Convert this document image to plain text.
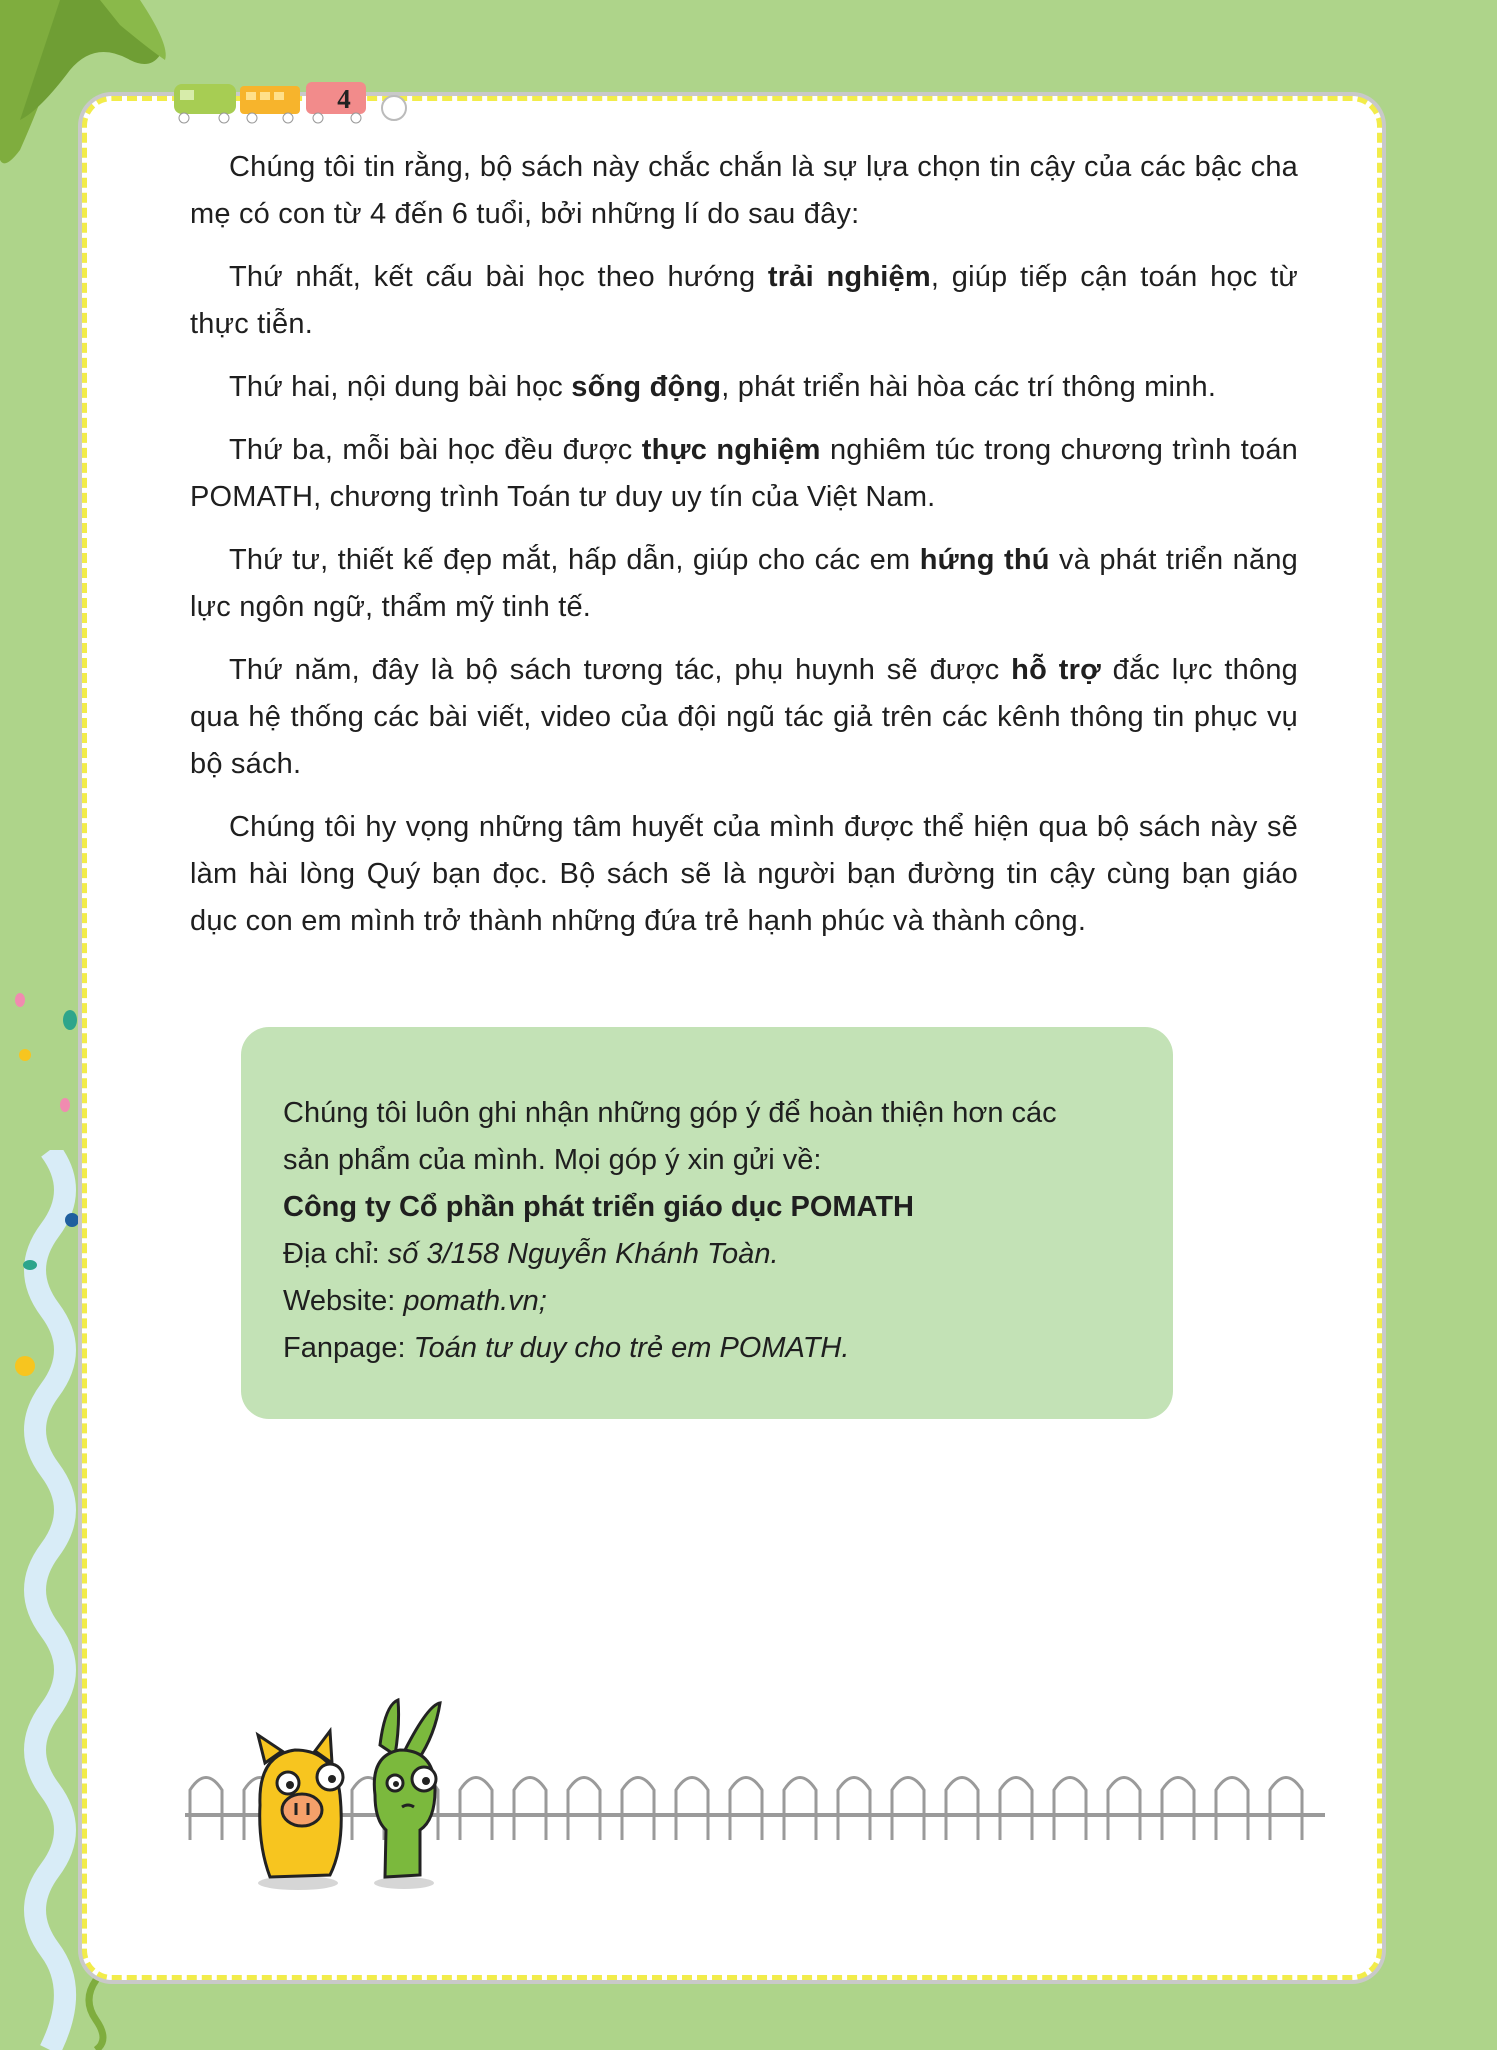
4

Chúng tôi tin rằng, bộ sách này chắc chắn là sự lựa chọn tin cậy của các bậc cha mẹ có con từ 4 đến 6 tuổi, bởi những lí do sau đây:

Thứ nhất, kết cấu bài học theo hướng trải nghiệm, giúp tiếp cận toán học từ thực tiễn.

Thứ hai, nội dung bài học sống động, phát triển hài hòa các trí thông minh.

Thứ ba, mỗi bài học đều được thực nghiệm nghiêm túc trong chương trình toán POMATH, chương trình Toán tư duy uy tín của Việt Nam.

Thứ tư, thiết kế đẹp mắt, hấp dẫn, giúp cho các em hứng thú và phát triển năng lực ngôn ngữ, thẩm mỹ tinh tế.

Thứ năm, đây là bộ sách tương tác, phụ huynh sẽ được hỗ trợ đắc lực thông qua hệ thống các bài viết, video của đội ngũ tác giả trên các kênh thông tin phục vụ bộ sách.

Chúng tôi hy vọng những tâm huyết của mình được thể hiện qua bộ sách này sẽ làm hài lòng Quý bạn đọc. Bộ sách sẽ là người bạn đường tin cậy cùng bạn giáo dục con em mình trở thành những đứa trẻ hạnh phúc và thành công.

Chúng tôi luôn ghi nhận những góp ý để hoàn thiện hơn các
sản phẩm của mình. Mọi góp ý xin gửi về:
Công ty Cổ phần phát triển giáo dục POMATH
Địa chỉ: số 3/158 Nguyễn Khánh Toàn.
Website: pomath.vn;
Fanpage: Toán tư duy cho trẻ em POMATH.
